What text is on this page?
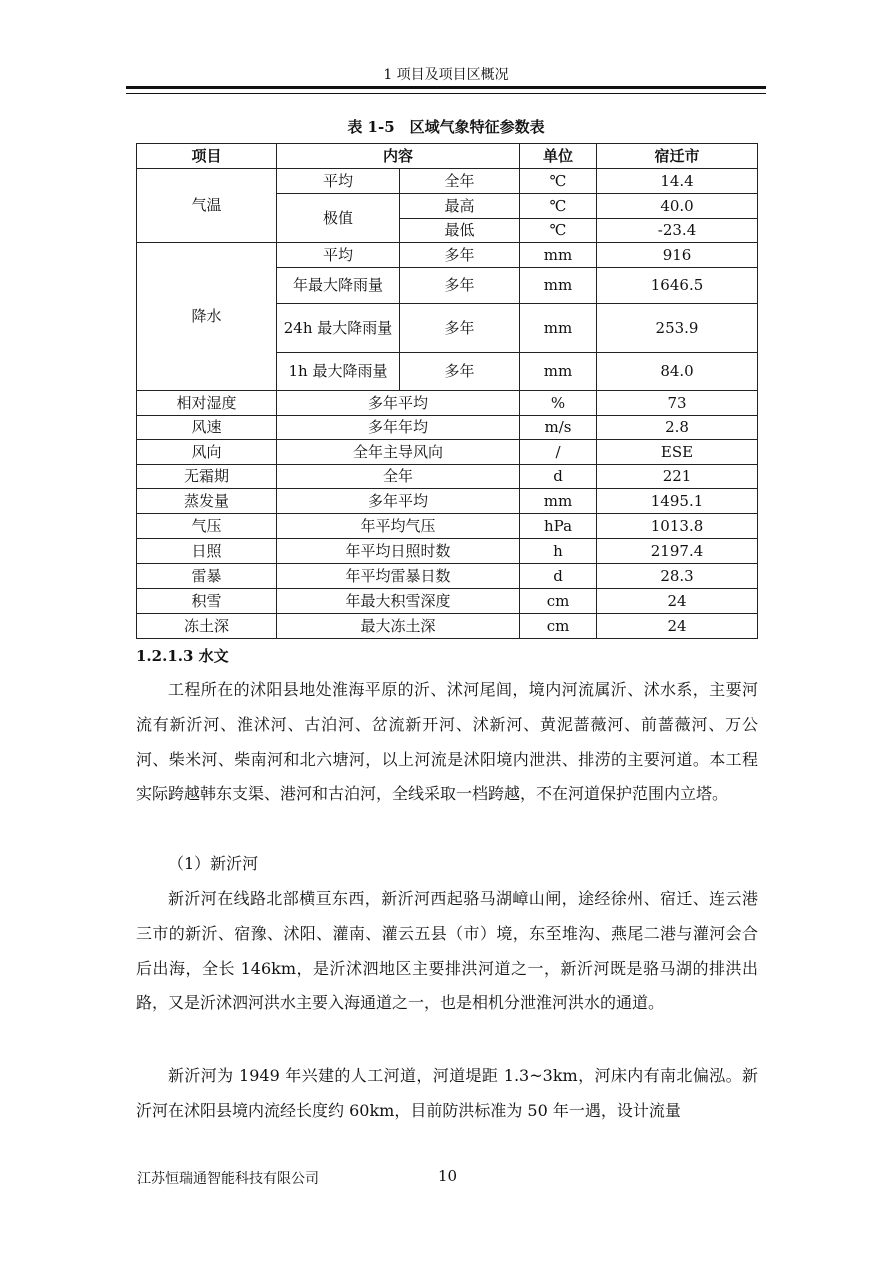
1 项目及项目区概况
表 1-5　区域气象特征参数表
项目	内容		单位	宿迁市
气温	平均	全年	℃	14.4
	极值	最高	℃	40.0
		最低	℃	-23.4
降水	平均	多年	mm	916
	年最大降雨量	多年	mm	1646.5
	24h 最大降雨量	多年	mm	253.9
	1h 最大降雨量	多年	mm	84.0
相对湿度	多年平均		%	73
风速	多年年均		m/s	2.8
风向	全年主导风向		/	ESE
无霜期	全年		d	221
蒸发量	多年平均		mm	1495.1
气压	年平均气压		hPa	1013.8
日照	年平均日照时数		h	2197.4
雷暴	年平均雷暴日数		d	28.3
积雪	年最大积雪深度		cm	24
冻土深	最大冻土深		cm	24
1.2.1.3 水文

工程所在的沭阳县地处淮海平原的沂、沭河尾闾，境内河流属沂、沭水系，主要河流有新沂河、淮沭河、古泊河、岔流新开河、沭新河、黄泥蔷薇河、前蔷薇河、万公河、柴米河、柴南河和北六塘河，以上河流是沭阳境内泄洪、排涝的主要河道。本工程实际跨越韩东支渠、港河和古泊河，全线采取一档跨越，不在河道保护范围内立塔。

（1）新沂河

新沂河在线路北部横亘东西，新沂河西起骆马湖嶂山闸，途经徐州、宿迁、连云港三市的新沂、宿豫、沭阳、灌南、灌云五县（市）境，东至堆沟、燕尾二港与灌河会合后出海，全长 146km，是沂沭泗地区主要排洪河道之一，新沂河既是骆马湖的排洪出路，又是沂沭泗河洪水主要入海通道之一，也是相机分泄淮河洪水的通道。

新沂河为 1949 年兴建的人工河道，河道堤距 1.3~3km，河床内有南北偏泓。新沂河在沭阳县境内流经长度约 60km，目前防洪标准为 50 年一遇，设计流量

江苏恒瑞通智能科技有限公司	10
